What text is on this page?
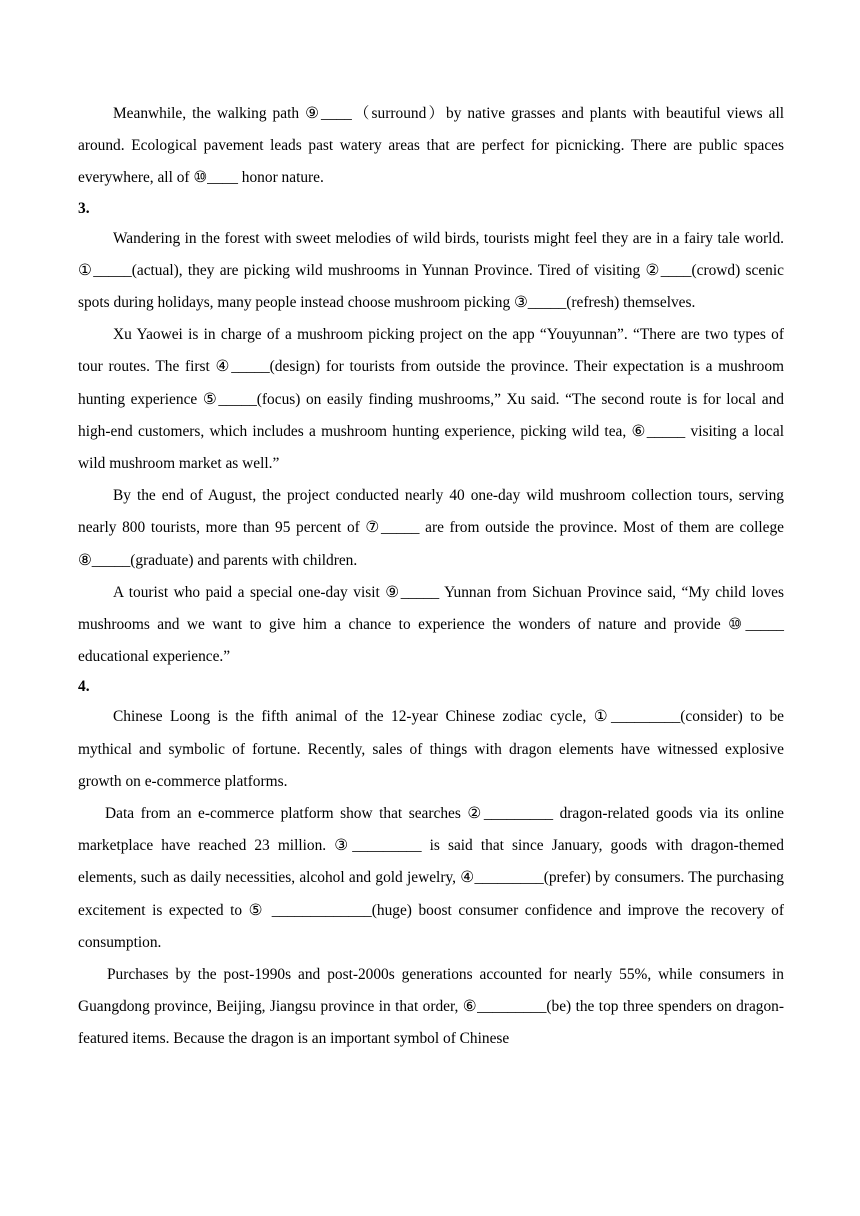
Meanwhile, the walking path ⑨____（surround）by native grasses and plants with beautiful views all around. Ecological pavement leads past watery areas that are perfect for picnicking. There are public spaces everywhere, all of ⑩____ honor nature.

3.

Wandering in the forest with sweet melodies of wild birds, tourists might feel they are in a fairy tale world. ①_____(actual), they are picking wild mushrooms in Yunnan Province. Tired of visiting ②____(crowd) scenic spots during holidays, many people instead choose mushroom picking ③_____(refresh) themselves.

Xu Yaowei is in charge of a mushroom picking project on the app “Youyunnan”. “There are two types of tour routes. The first ④_____(design) for tourists from outside the province. Their expectation is a mushroom hunting experience ⑤_____(focus) on easily finding mushrooms,” Xu said. “The second route is for local and high-end customers, which includes a mushroom hunting experience, picking wild tea, ⑥_____ visiting a local wild mushroom market as well.”

By the end of August, the project conducted nearly 40 one-day wild mushroom collection tours, serving nearly 800 tourists, more than 95 percent of ⑦_____ are from outside the province. Most of them are college ⑧_____(graduate) and parents with children.

A tourist who paid a special one-day visit ⑨_____ Yunnan from Sichuan Province said, “My child loves mushrooms and we want to give him a chance to experience the wonders of nature and provide ⑩_____ educational experience.”

4.

Chinese Loong is the fifth animal of the 12-year Chinese zodiac cycle, ①_________(consider) to be mythical and symbolic of fortune. Recently, sales of things with dragon elements have witnessed explosive growth on e-commerce platforms.

Data from an e-commerce platform show that searches ②_________ dragon-related goods via its online marketplace have reached 23 million. ③_________ is said that since January, goods with dragon-themed elements, such as daily necessities, alcohol and gold jewelry, ④_________(prefer) by consumers. The purchasing excitement is expected to ⑤ _____________(huge) boost consumer confidence and improve the recovery of consumption.

Purchases by the post-1990s and post-2000s generations accounted for nearly 55%, while consumers in Guangdong province, Beijing, Jiangsu province in that order, ⑥_________(be) the top three spenders on dragon-featured items. Because the dragon is an important symbol of Chinese
